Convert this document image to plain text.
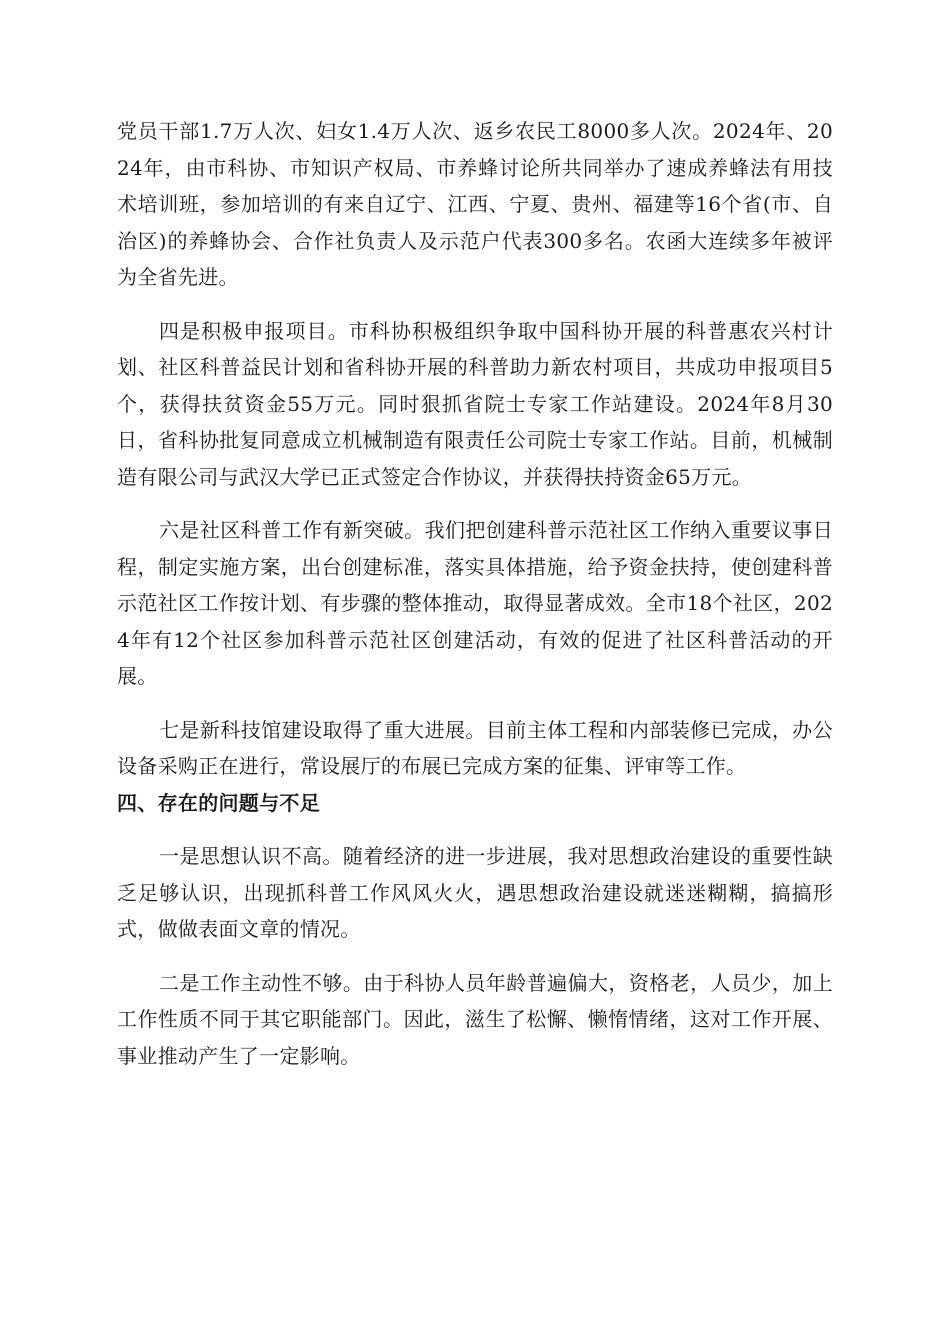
党员干部1.7万人次、妇女1.4万人次、返乡农民工8000多人次。2024年、2024年，由市科协、市知识产权局、市养蜂讨论所共同举办了速成养蜂法有用技术培训班，参加培训的有来自辽宁、江西、宁夏、贵州、福建等16个省(市、自治区)的养蜂协会、合作社负责人及示范户代表300多名。农函大连续多年被评为全省先进。

四是积极申报项目。市科协积极组织争取中国科协开展的科普惠农兴村计划、社区科普益民计划和省科协开展的科普助力新农村项目，共成功申报项目5个，获得扶贫资金55万元。同时狠抓省院士专家工作站建设。2024年8月30日，省科协批复同意成立机械制造有限责任公司院士专家工作站。目前，机械制造有限公司与武汉大学已正式签定合作协议，并获得扶持资金65万元。

六是社区科普工作有新突破。我们把创建科普示范社区工作纳入重要议事日程，制定实施方案，出台创建标准，落实具体措施，给予资金扶持，使创建科普示范社区工作按计划、有步骤的整体推动，取得显著成效。全市18个社区，2024年有12个社区参加科普示范社区创建活动，有效的促进了社区科普活动的开展。

七是新科技馆建设取得了重大进展。目前主体工程和内部装修已完成，办公设备采购正在进行，常设展厅的布展已完成方案的征集、评审等工作。

四、存在的问题与不足

一是思想认识不高。随着经济的进一步进展，我对思想政治建设的重要性缺乏足够认识，出现抓科普工作风风火火，遇思想政治建设就迷迷糊糊，搞搞形式，做做表面文章的情况。

二是工作主动性不够。由于科协人员年龄普遍偏大，资格老，人员少，加上工作性质不同于其它职能部门。因此，滋生了松懈、懒惰情绪，这对工作开展、事业推动产生了一定影响。
